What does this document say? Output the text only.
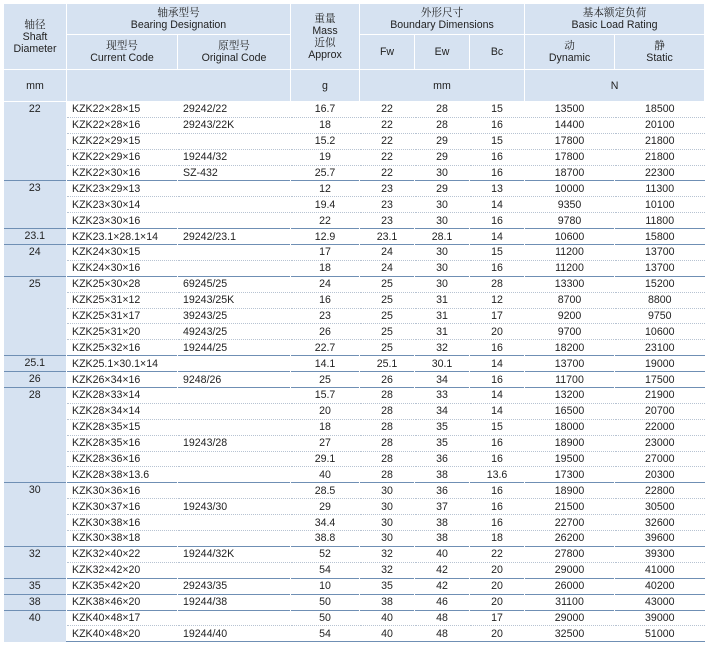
轴径
Shaft
Diameter	轴承型号
Bearing Designation		重量
Mass
近似
Approx	外形尺寸
Boundary Dimensions			基本额定负荷
Basic Load Rating	

	现型号
Current Code	原型号
Original Code		Fw	Ew	Bc	动
Dynamic	静
Static

mm			g	mm			N	
22	KZK22×28×15	29242/22	16.7	22	28	15	13500	18500
	KZK22×28×16	29243/22K	18	22	28	16	14400	20100
	KZK22×29×15		15.2	22	29	15	17800	21800
	KZK22×29×16	19244/32	19	22	29	16	17800	21800
	KZK22×30×16	SZ-432	25.7	22	30	16	18700	22300
23	KZK23×29×13		12	23	29	13	10000	11300
	KZK23×30×14		19.4	23	30	14	9350	10100
	KZK23×30×16		22	23	30	16	9780	11800
23.1	KZK23.1×28.1×14	29242/23.1	12.9	23.1	28.1	14	10600	15800
24	KZK24×30×15		17	24	30	15	11200	13700
	KZK24×30×16		18	24	30	16	11200	13700
25	KZK25×30×28	69245/25	24	25	30	28	13300	15200
	KZK25×31×12	19243/25K	16	25	31	12	8700	8800
	KZK25×31×17	39243/25	23	25	31	17	9200	9750
	KZK25×31×20	49243/25	26	25	31	20	9700	10600
	KZK25×32×16	19244/25	22.7	25	32	16	18200	23100
25.1	KZK25.1×30.1×14		14.1	25.1	30.1	14	13700	19000
26	KZK26×34×16	9248/26	25	26	34	16	11700	17500
28	KZK28×33×14		15.7	28	33	14	13200	21900
	KZK28×34×14		20	28	34	14	16500	20700
	KZK28×35×15		18	28	35	15	18000	22000
	KZK28×35×16	19243/28	27	28	35	16	18900	23000
	KZK28×36×16		29.1	28	36	16	19500	27000
	KZK28×38×13.6		40	28	38	13.6	17300	20300
30	KZK30×36×16		28.5	30	36	16	18900	22800
	KZK30×37×16	19243/30	29	30	37	16	21500	30500
	KZK30×38×16		34.4	30	38	16	22700	32600
	KZK30×38×18		38.8	30	38	18	26200	39600
32	KZK32×40×22	19244/32K	52	32	40	22	27800	39300
	KZK32×42×20		54	32	42	20	29000	41000
35	KZK35×42×20	29243/35	10	35	42	20	26000	40200
38	KZK38×46×20	19244/38	50	38	46	20	31100	43000
40	KZK40×48×17		50	40	48	17	29000	39000
	KZK40×48×20	19244/40	54	40	48	20	32500	51000
